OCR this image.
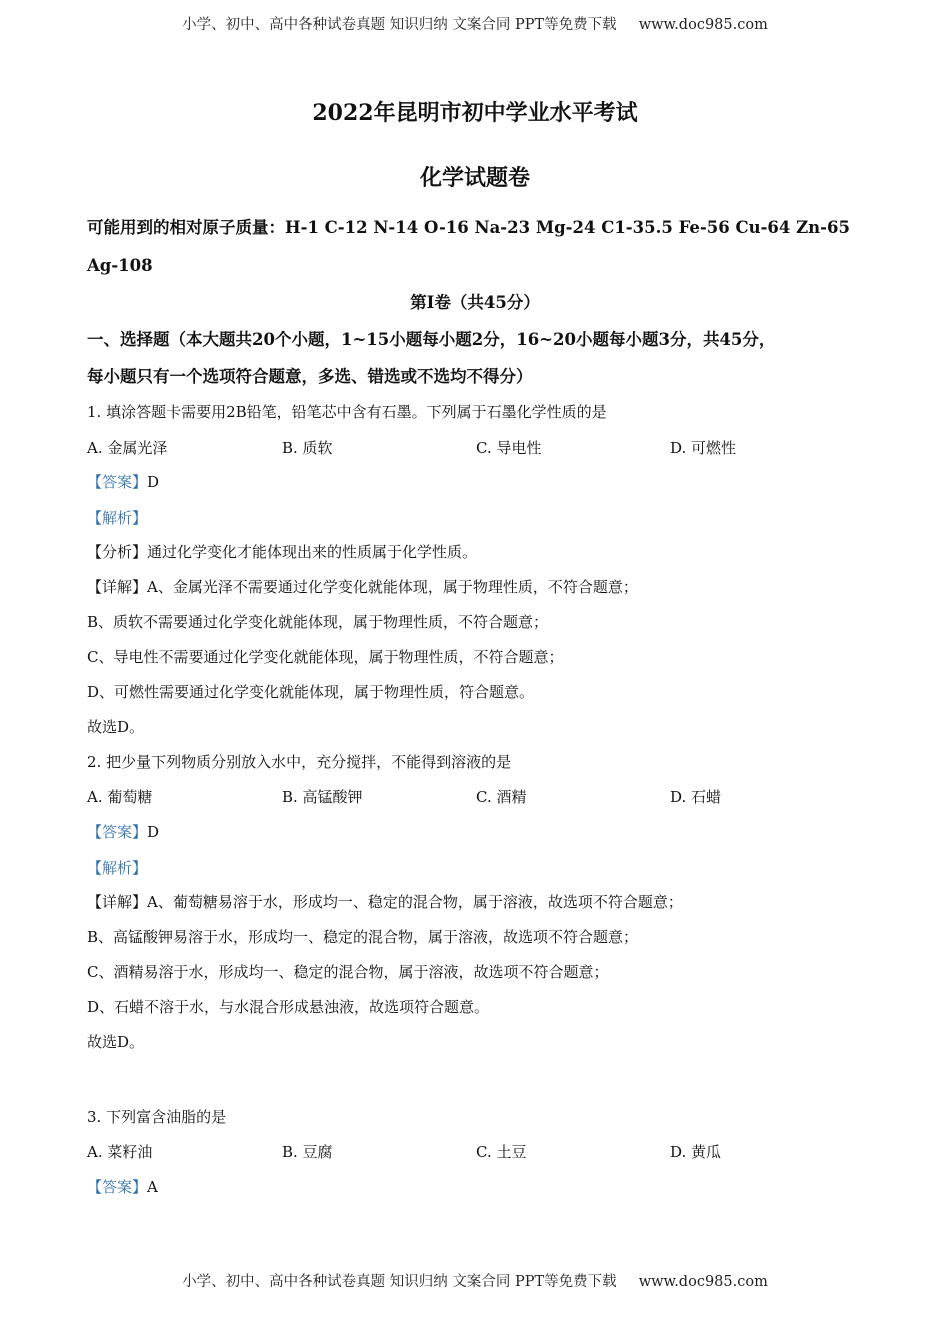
小学、初中、高中各种试卷真题 知识归纳 文案合同 PPT等免费下载 www.doc985.com
2022年昆明市初中学业水平考试
化学试题卷
可能用到的相对原子质量：H-1 C-12 N-14 O-16 Na-23 Mg-24 C1-35.5 Fe-56 Cu-64 Zn-65
Ag-108
第Ⅰ卷（共45分）
一、选择题（本大题共20个小题，1~15小题每小题2分，16~20小题每小题3分，共45分，
每小题只有一个选项符合题意，多选、错选或不选均不得分）
1. 填涂答题卡需要用2B铅笔，铅笔芯中含有石墨。下列属于石墨化学性质的是
A. 金属光泽	B. 质软	C. 导电性	D. 可燃性
【答案】D
【解析】
【分析】通过化学变化才能体现出来的性质属于化学性质。
【详解】A、金属光泽不需要通过化学变化就能体现，属于物理性质，不符合题意；
B、质软不需要通过化学变化就能体现，属于物理性质，不符合题意；
C、导电性不需要通过化学变化就能体现，属于物理性质，不符合题意；
D、可燃性需要通过化学变化就能体现，属于物理性质，符合题意。
故选D。
2. 把少量下列物质分别放入水中，充分搅拌，不能得到溶液的是
A. 葡萄糖	B. 高锰酸钾	C. 酒精	D. 石蜡
【答案】D
【解析】
【详解】A、葡萄糖易溶于水，形成均一、稳定的混合物，属于溶液，故选项不符合题意；
B、高锰酸钾易溶于水，形成均一、稳定的混合物，属于溶液，故选项不符合题意；
C、酒精易溶于水，形成均一、稳定的混合物，属于溶液，故选项不符合题意；
D、石蜡不溶于水，与水混合形成悬浊液，故选项符合题意。
故选D。
3. 下列富含油脂的是
A. 菜籽油	B. 豆腐	C. 土豆	D. 黄瓜
【答案】A
小学、初中、高中各种试卷真题 知识归纳 文案合同 PPT等免费下载 www.doc985.com
